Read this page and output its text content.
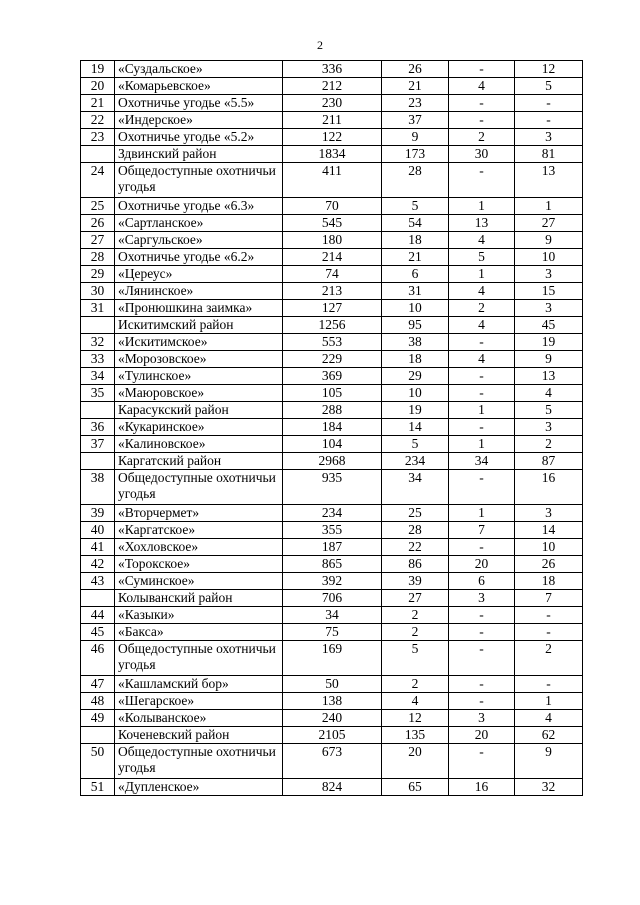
2
19	«Суздальское»	336	26	-	12
20	«Комарьевское»	212	21	4	5
21	Охотничье угодье «5.5»	230	23	-	-
22	«Индерское»	211	37	-	-
23	Охотничье угодье «5.2»	122	9	2	3
	Здвинский район	1834	173	30	81
24	Общедоступные охотничьи угодья	411	28	-	13
25	Охотничье угодье «6.3»	70	5	1	1
26	«Сартланское»	545	54	13	27
27	«Саргульское»	180	18	4	9
28	Охотничье угодье «6.2»	214	21	5	10
29	«Цереус»	74	6	1	3
30	«Лянинское»	213	31	4	15
31	«Пронюшкина заимка»	127	10	2	3
	Искитимский район	1256	95	4	45
32	«Искитимское»	553	38	-	19
33	«Морозовское»	229	18	4	9
34	«Тулинское»	369	29	-	13
35	«Маюровское»	105	10	-	4
	Карасукский район	288	19	1	5
36	«Кукаринское»	184	14	-	3
37	«Калиновское»	104	5	1	2
	Каргатский район	2968	234	34	87
38	Общедоступные охотничьи угодья	935	34	-	16
39	«Вторчермет»	234	25	1	3
40	«Каргатское»	355	28	7	14
41	«Хохловское»	187	22	-	10
42	«Торокское»	865	86	20	26
43	«Суминское»	392	39	6	18
	Колыванский район	706	27	3	7
44	«Казыки»	34	2	-	-
45	«Бакса»	75	2	-	-
46	Общедоступные охотничьи угодья	169	5	-	2
47	«Кашламский бор»	50	2	-	-
48	«Шегарское»	138	4	-	1
49	«Колыванское»	240	12	3	4
	Коченевский район	2105	135	20	62
50	Общедоступные охотничьи угодья	673	20	-	9
51	«Дупленское»	824	65	16	32
